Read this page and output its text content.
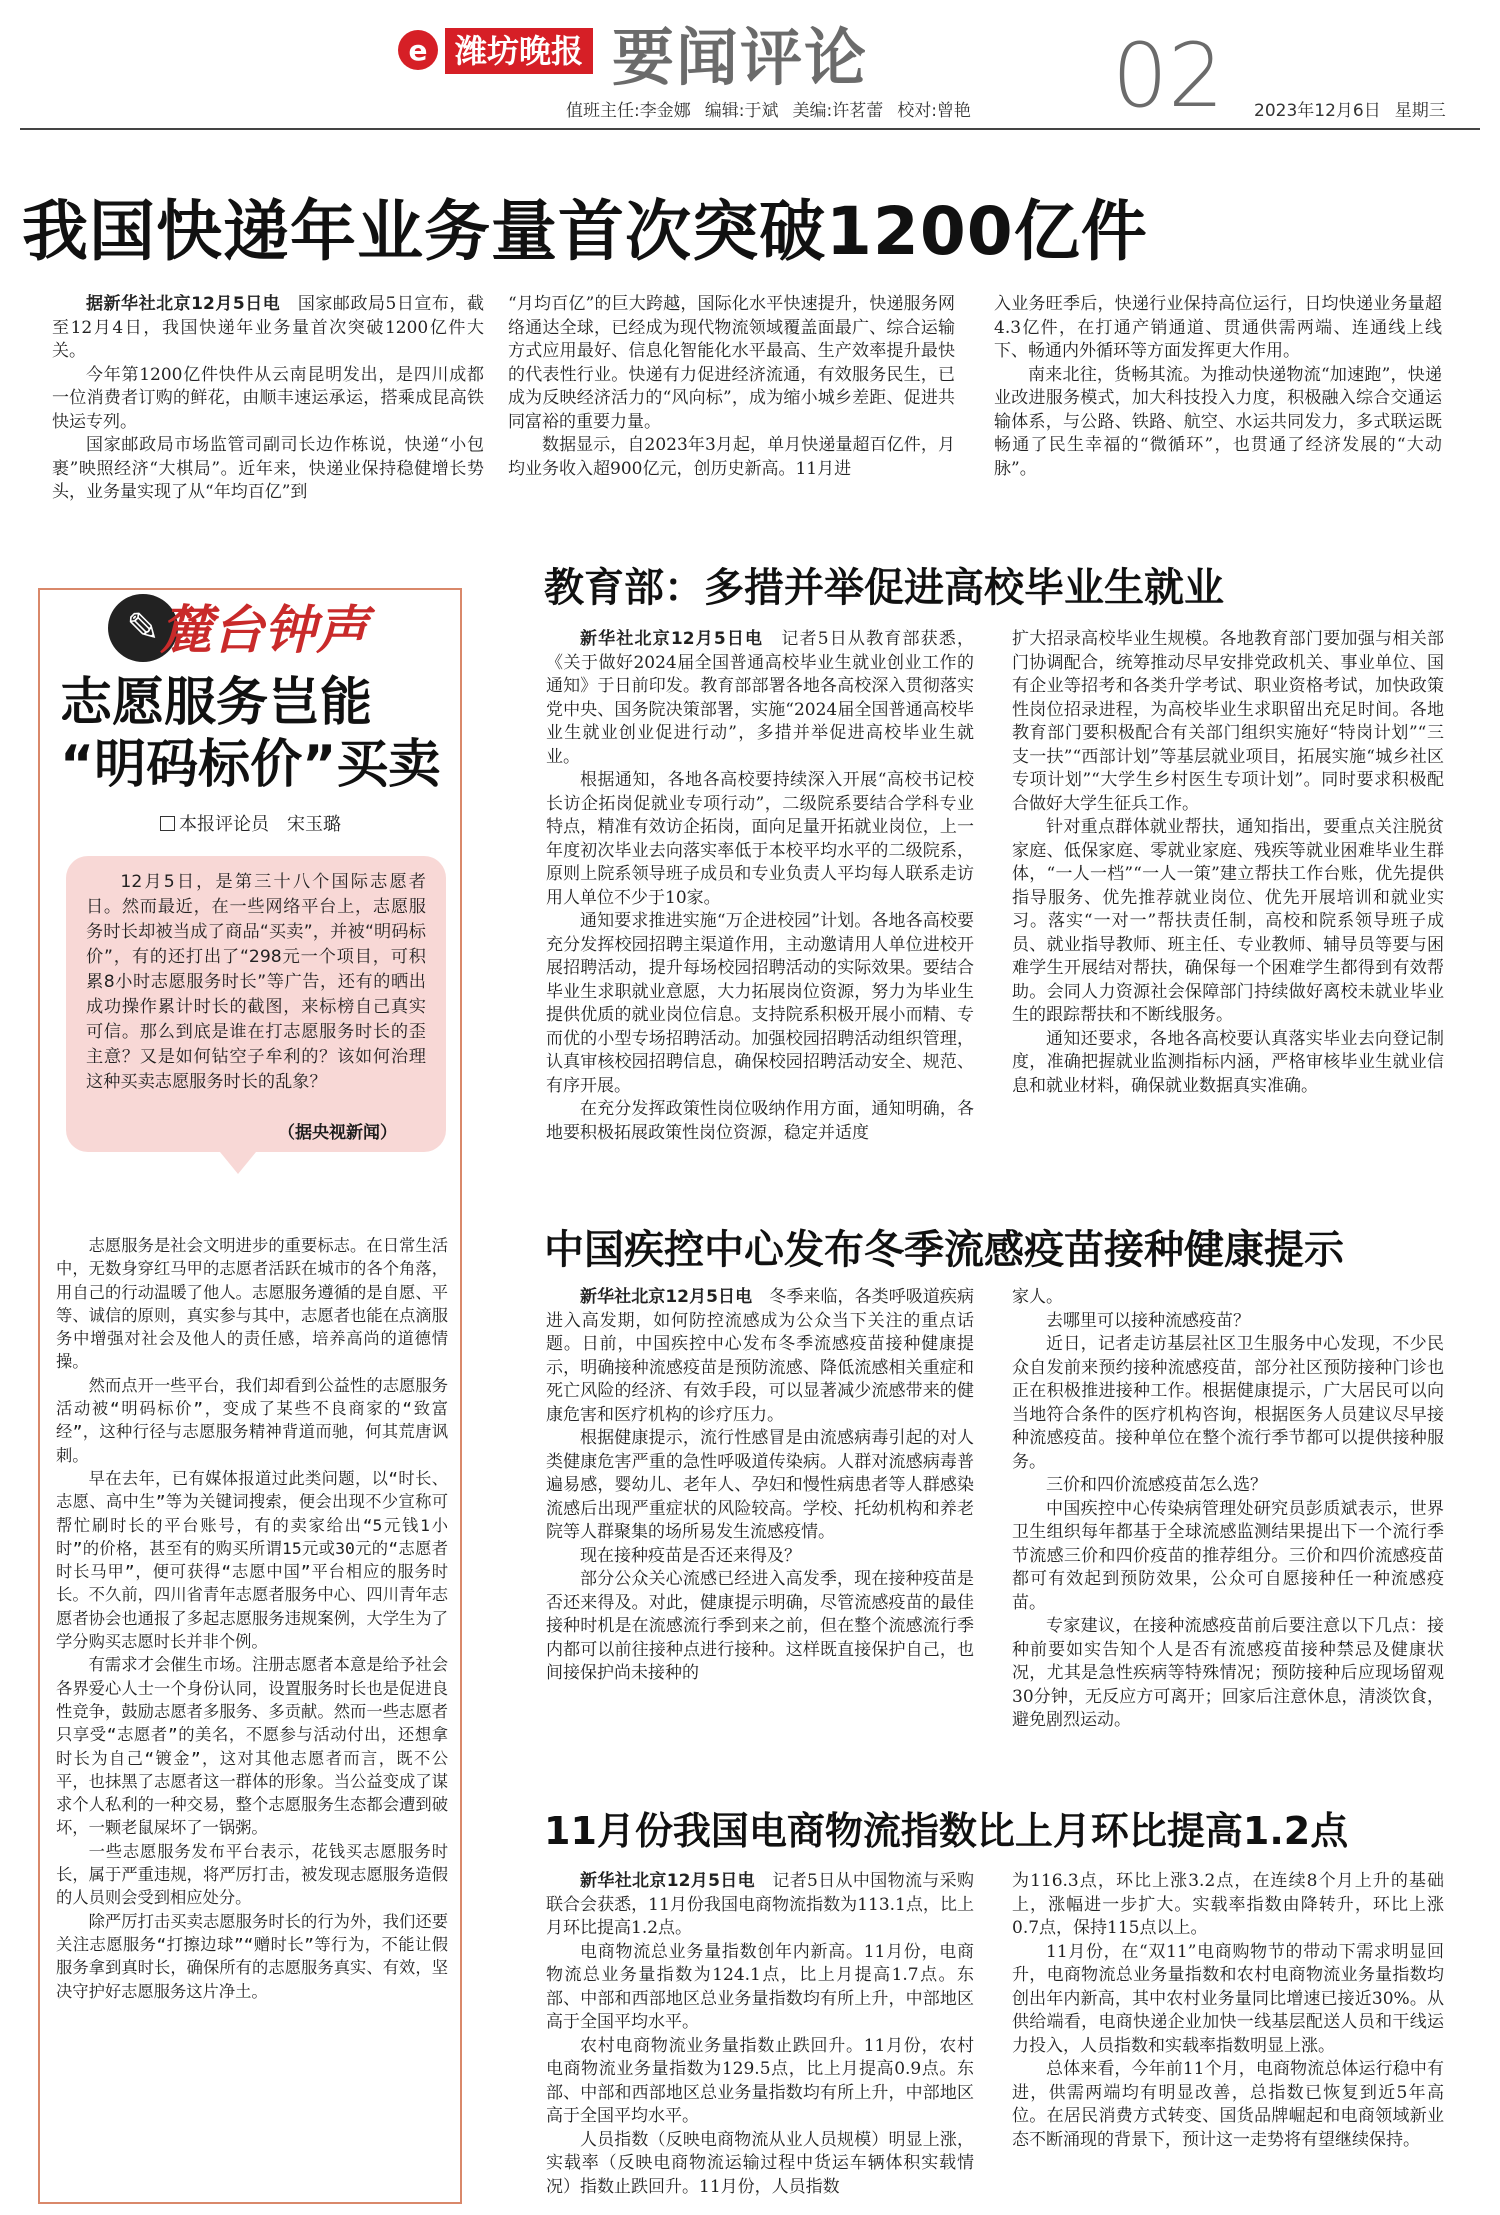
e 潍坊晚报 要闻评论	02
值班主任:李金娜 编辑:于斌 美编:许茗蕾 校对:曾艳	2023年12月6日 星期三
我国快递年业务量首次突破1200亿件

据新华社北京12月5日电　 国家邮政局5日宣布，截至12月4日，我国快递年业务量首次突破1200亿件大关。

今年第1200亿件快件从云南昆明发出，是四川成都一位消费者订购的鲜花，由顺丰速运承运，搭乘成昆高铁快运专列。

国家邮政局市场监管司副司长边作栋说，快递“小包裹”映照经济“大棋局”。近年来，快递业保持稳健增长势头，业务量实现了从“年均百亿”到

“月均百亿”的巨大跨越，国际化水平快速提升，快递服务网络通达全球，已经成为现代物流领域覆盖面最广、综合运输方式应用最好、信息化智能化水平最高、生产效率提升最快的代表性行业。快递有力促进经济流通，有效服务民生，已成为反映经济活力的“风向标”，成为缩小城乡差距、促进共同富裕的重要力量。

数据显示，自2023年3月起，单月快递量超百亿件，月均业务收入超900亿元，创历史新高。11月进

入业务旺季后，快递行业保持高位运行，日均快递业务量超4.3亿件，在打通产销通道、贯通供需两端、连通线上线下、畅通内外循环等方面发挥更大作用。

南来北往，货畅其流。为推动快递物流“加速跑”，快递业改进服务模式，加大科技投入力度，积极融入综合交通运输体系，与公路、铁路、航空、水运共同发力，多式联运既畅通了民生幸福的“微循环”，也贯通了经济发展的“大动脉”。

✎ 麓台钟声
志愿服务岂能
“明码标价”买卖
本报评论员　宋玉璐

12月5日，是第三十八个国际志愿者日。然而最近，在一些网络平台上，志愿服务时长却被当成了商品“买卖”，并被“明码标价”，有的还打出了“298元一个项目，可积累8小时志愿服务时长”等广告，还有的晒出成功操作累计时长的截图，来标榜自己真实可信。那么到底是谁在打志愿服务时长的歪主意？又是如何钻空子牟利的？该如何治理这种买卖志愿服务时长的乱象？

（据央视新闻）

志愿服务是社会文明进步的重要标志。在日常生活中，无数身穿红马甲的志愿者活跃在城市的各个角落，用自己的行动温暖了他人。志愿服务遵循的是自愿、平等、诚信的原则，真实参与其中，志愿者也能在点滴服务中增强对社会及他人的责任感，培养高尚的道德情操。

然而点开一些平台，我们却看到公益性的志愿服务活动被“明码标价”，变成了某些不良商家的“致富经”，这种行径与志愿服务精神背道而驰，何其荒唐讽刺。

早在去年，已有媒体报道过此类问题，以“时长、志愿、高中生”等为关键词搜索，便会出现不少宣称可帮忙刷时长的平台账号，有的卖家给出“5元钱1小时”的价格，甚至有的购买所谓15元或30元的“志愿者时长马甲”，便可获得“志愿中国”平台相应的服务时长。不久前，四川省青年志愿者服务中心、四川青年志愿者协会也通报了多起志愿服务违规案例，大学生为了学分购买志愿时长并非个例。

有需求才会催生市场。注册志愿者本意是给予社会各界爱心人士一个身份认同，设置服务时长也是促进良性竞争，鼓励志愿者多服务、多贡献。然而一些志愿者只享受“志愿者”的美名，不愿参与活动付出，还想拿时长为自己“镀金”，这对其他志愿者而言，既不公平，也抹黑了志愿者这一群体的形象。当公益变成了谋求个人私利的一种交易，整个志愿服务生态都会遭到破坏，一颗老鼠屎坏了一锅粥。

一些志愿服务发布平台表示，花钱买志愿服务时长，属于严重违规，将严厉打击，被发现志愿服务造假的人员则会受到相应处分。

除严厉打击买卖志愿服务时长的行为外，我们还要关注志愿服务“打擦边球”“赠时长”等行为，不能让假服务拿到真时长，确保所有的志愿服务真实、有效，坚决守护好志愿服务这片净土。

教育部：多措并举促进高校毕业生就业

新华社北京12月5日电　 记者5日从教育部获悉，《关于做好2024届全国普通高校毕业生就业创业工作的通知》于日前印发。教育部部署各地各高校深入贯彻落实党中央、国务院决策部署，实施“2024届全国普通高校毕业生就业创业促进行动”，多措并举促进高校毕业生就业。

根据通知，各地各高校要持续深入开展“高校书记校长访企拓岗促就业专项行动”，二级院系要结合学科专业特点，精准有效访企拓岗，面向足量开拓就业岗位，上一年度初次毕业去向落实率低于本校平均水平的二级院系，原则上院系领导班子成员和专业负责人平均每人联系走访用人单位不少于10家。

通知要求推进实施“万企进校园”计划。各地各高校要充分发挥校园招聘主渠道作用，主动邀请用人单位进校开展招聘活动，提升每场校园招聘活动的实际效果。要结合毕业生求职就业意愿，大力拓展岗位资源，努力为毕业生提供优质的就业岗位信息。支持院系积极开展小而精、专而优的小型专场招聘活动。加强校园招聘活动组织管理，认真审核校园招聘信息，确保校园招聘活动安全、规范、有序开展。

在充分发挥政策性岗位吸纳作用方面，通知明确，各地要积极拓展政策性岗位资源，稳定并适度

扩大招录高校毕业生规模。各地教育部门要加强与相关部门协调配合，统筹推动尽早安排党政机关、事业单位、国有企业等招考和各类升学考试、职业资格考试，加快政策性岗位招录进程，为高校毕业生求职留出充足时间。各地教育部门要积极配合有关部门组织实施好“特岗计划”“三支一扶”“西部计划”等基层就业项目，拓展实施“城乡社区专项计划”“大学生乡村医生专项计划”。同时要求积极配合做好大学生征兵工作。

针对重点群体就业帮扶，通知指出，要重点关注脱贫家庭、低保家庭、零就业家庭、残疾等就业困难毕业生群体，“一人一档”“一人一策”建立帮扶工作台账，优先提供指导服务、优先推荐就业岗位、优先开展培训和就业实习。落实“一对一”帮扶责任制，高校和院系领导班子成员、就业指导教师、班主任、专业教师、辅导员等要与困难学生开展结对帮扶，确保每一个困难学生都得到有效帮助。会同人力资源社会保障部门持续做好离校未就业毕业生的跟踪帮扶和不断线服务。

通知还要求，各地各高校要认真落实毕业去向登记制度，准确把握就业监测指标内涵，严格审核毕业生就业信息和就业材料，确保就业数据真实准确。

中国疾控中心发布冬季流感疫苗接种健康提示

新华社北京12月5日电　 冬季来临，各类呼吸道疾病进入高发期，如何防控流感成为公众当下关注的重点话题。日前，中国疾控中心发布冬季流感疫苗接种健康提示，明确接种流感疫苗是预防流感、降低流感相关重症和死亡风险的经济、有效手段，可以显著减少流感带来的健康危害和医疗机构的诊疗压力。

根据健康提示，流行性感冒是由流感病毒引起的对人类健康危害严重的急性呼吸道传染病。人群对流感病毒普遍易感，婴幼儿、老年人、孕妇和慢性病患者等人群感染流感后出现严重症状的风险较高。学校、托幼机构和养老院等人群聚集的场所易发生流感疫情。

现在接种疫苗是否还来得及？

部分公众关心流感已经进入高发季，现在接种疫苗是否还来得及。对此，健康提示明确，尽管流感疫苗的最佳接种时机是在流感流行季到来之前，但在整个流感流行季内都可以前往接种点进行接种。这样既直接保护自己，也间接保护尚未接种的

家人。

去哪里可以接种流感疫苗？

近日，记者走访基层社区卫生服务中心发现，不少民众自发前来预约接种流感疫苗，部分社区预防接种门诊也正在积极推进接种工作。根据健康提示，广大居民可以向当地符合条件的医疗机构咨询，根据医务人员建议尽早接种流感疫苗。接种单位在整个流行季节都可以提供接种服务。

三价和四价流感疫苗怎么选？

中国疾控中心传染病管理处研究员彭质斌表示，世界卫生组织每年都基于全球流感监测结果提出下一个流行季节流感三价和四价疫苗的推荐组分。三价和四价流感疫苗都可有效起到预防效果，公众可自愿接种任一种流感疫苗。

专家建议，在接种流感疫苗前后要注意以下几点：接种前要如实告知个人是否有流感疫苗接种禁忌及健康状况，尤其是急性疾病等特殊情况；预防接种后应现场留观30分钟，无反应方可离开；回家后注意休息，清淡饮食，避免剧烈运动。

11月份我国电商物流指数比上月环比提高1.2点

新华社北京12月5日电　 记者5日从中国物流与采购联合会获悉，11月份我国电商物流指数为113.1点，比上月环比提高1.2点。

电商物流总业务量指数创年内新高。11月份，电商物流总业务量指数为124.1点，比上月提高1.7点。东部、中部和西部地区总业务量指数均有所上升，中部地区高于全国平均水平。

农村电商物流业务量指数止跌回升。11月份，农村电商物流业务量指数为129.5点，比上月提高0.9点。东部、中部和西部地区总业务量指数均有所上升，中部地区高于全国平均水平。

人员指数（反映电商物流从业人员规模）明显上涨，实载率（反映电商物流运输过程中货运车辆体积实载情况）指数止跌回升。11月份，人员指数

为116.3点，环比上涨3.2点，在连续8个月上升的基础上，涨幅进一步扩大。实载率指数由降转升，环比上涨0.7点，保持115点以上。

11月份，在“双11”电商购物节的带动下需求明显回升，电商物流总业务量指数和农村电商物流业务量指数均创出年内新高，其中农村业务量同比增速已接近30%。从供给端看，电商快递企业加快一线基层配送人员和干线运力投入，人员指数和实载率指数明显上涨。

总体来看，今年前11个月，电商物流总体运行稳中有进，供需两端均有明显改善，总指数已恢复到近5年高位。在居民消费方式转变、国货品牌崛起和电商领域新业态不断涌现的背景下，预计这一走势将有望继续保持。
